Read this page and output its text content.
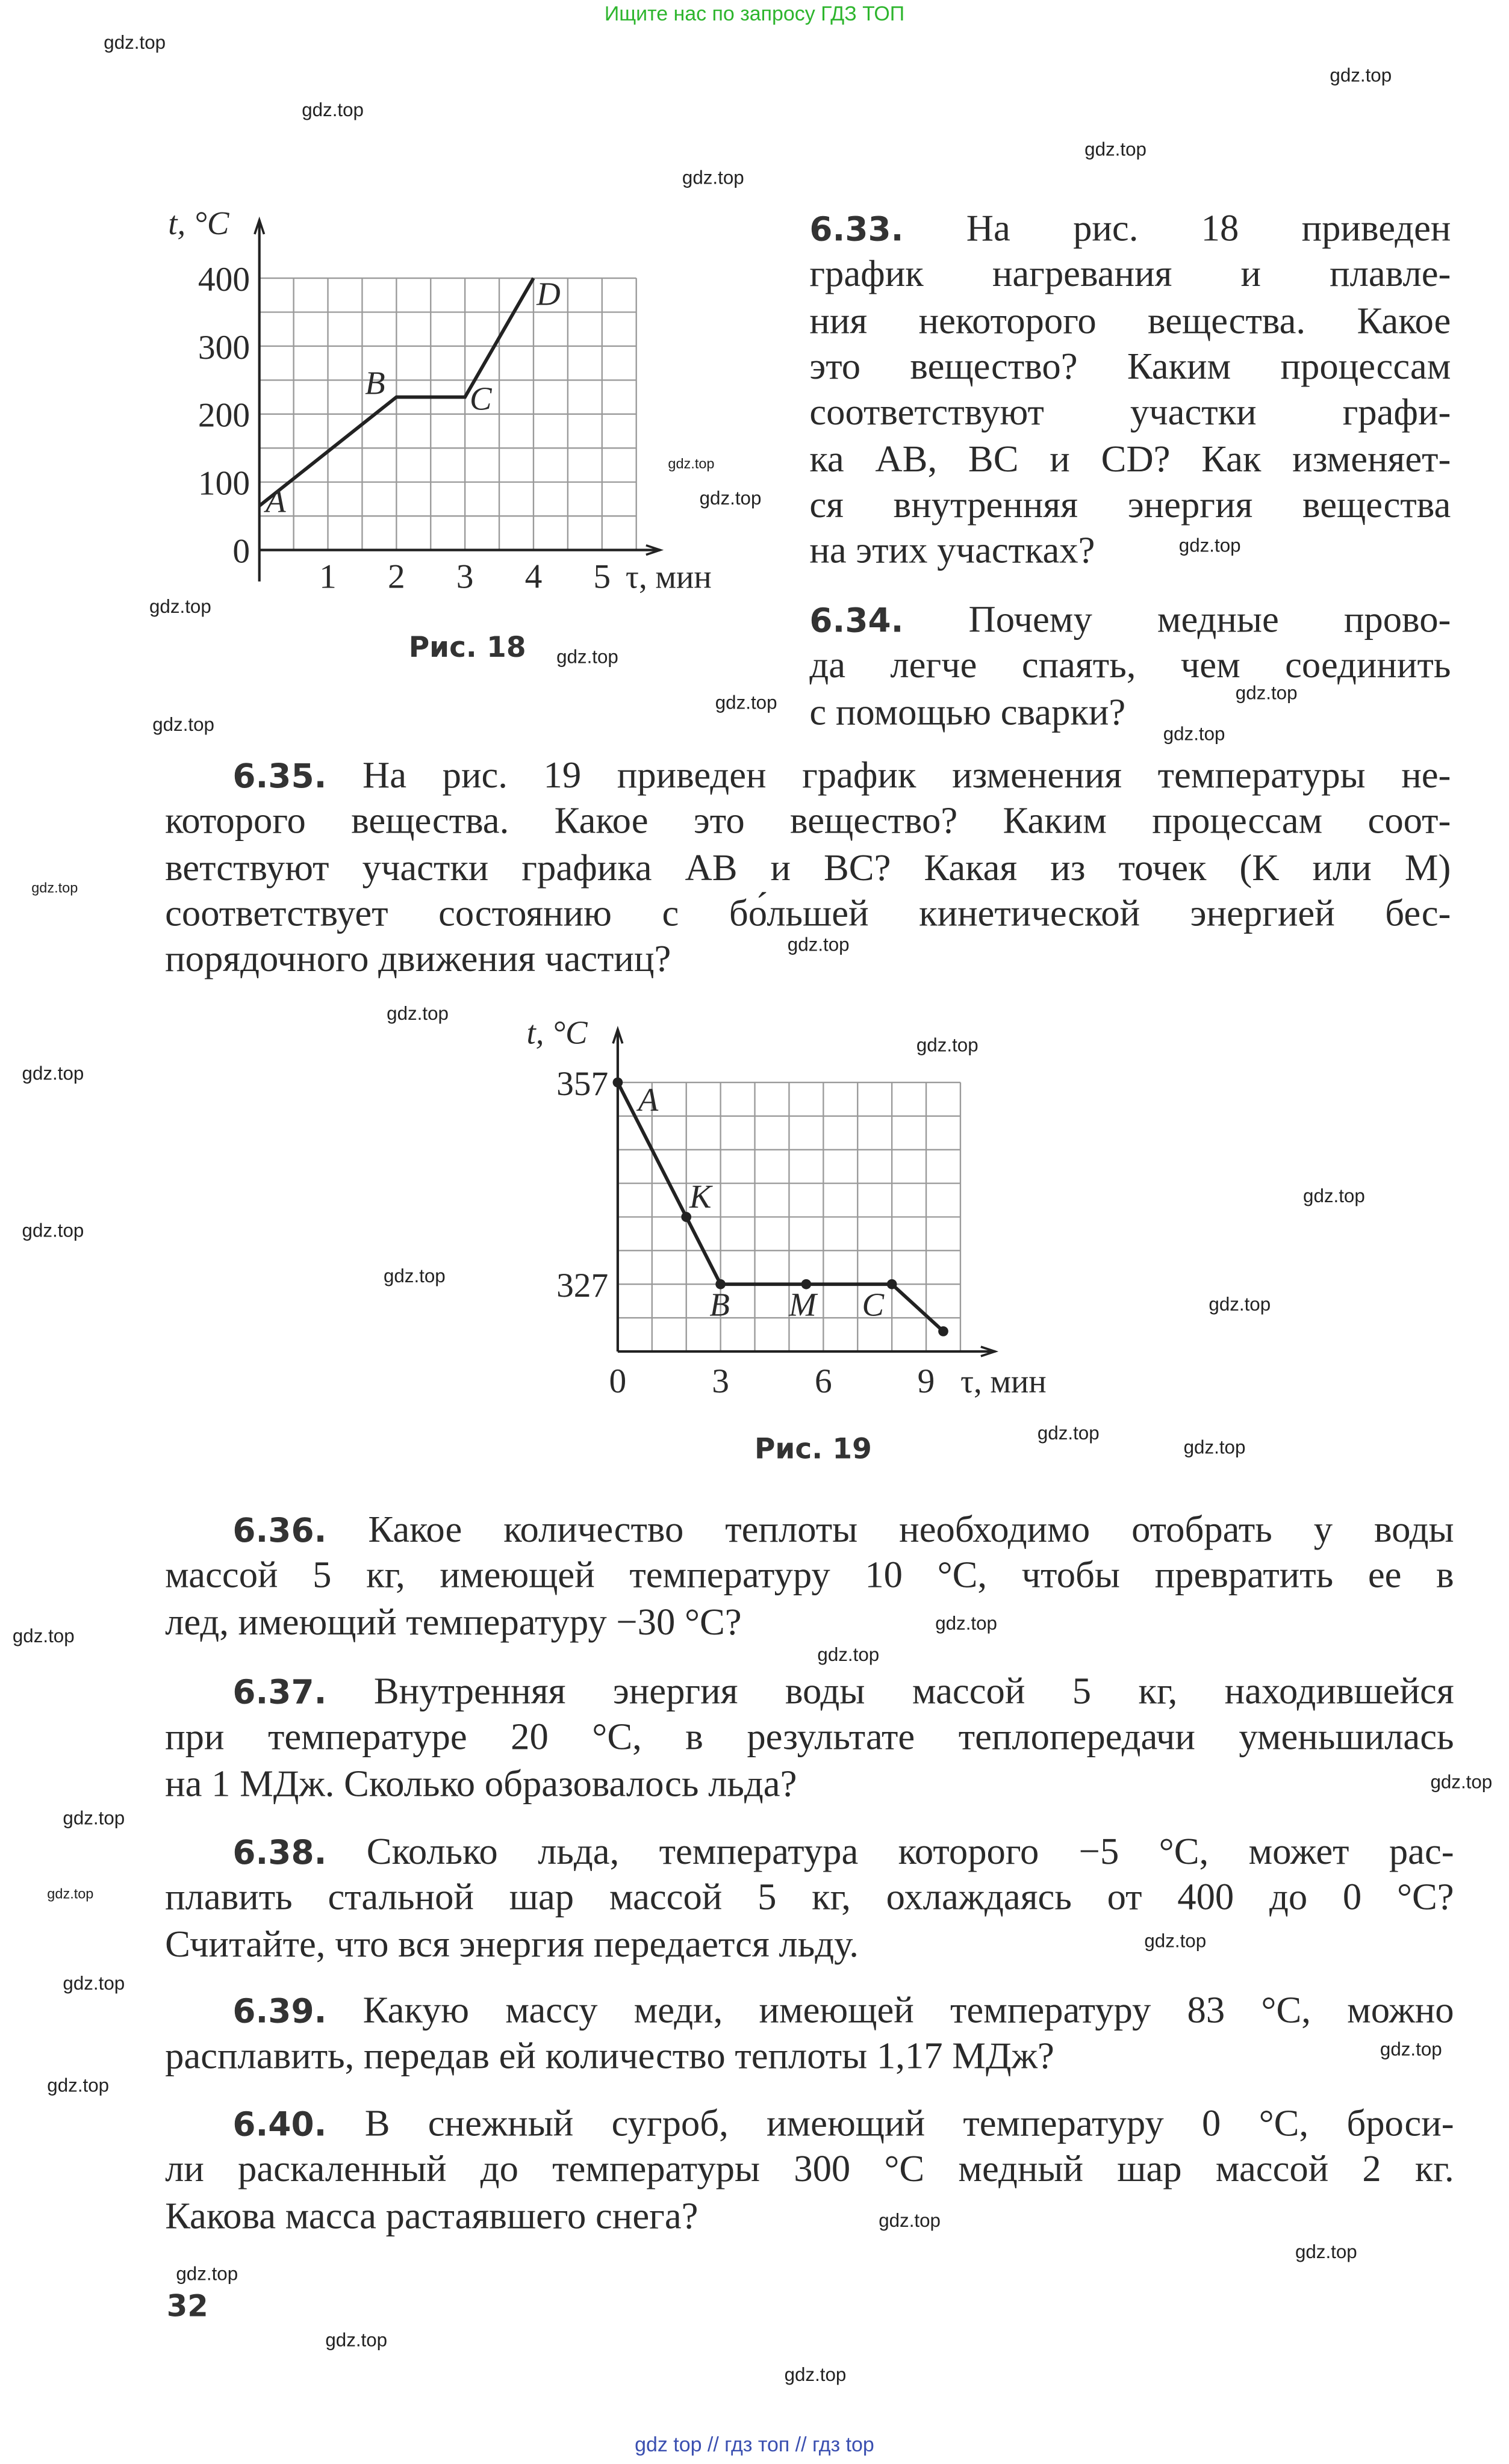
Ищите нас по запросу ГДЗ ТОП
6.33.	На рис. 18 приведен
график нагревания и плавле-
ния некоторого вещества. Какое
это вещество? Каким процессам
соответствуют участки графи-
ка AB, BC и CD? Как изменяет-
ся внутренняя энергия вещества
на этих участках?
6.34.	Почему медные прово-
да легче спаять, чем соединить
с помощью сварки?
6.35. На рис. 19 приведен график изменения температуры не-
которого вещества. Какое это вещество? Каким процессам соот-
ветствуют участки графика AB и BC? Какая из точек (K или M)
соответствует состоянию с бо́льшей кинетической энергией бес-
порядочного движения частиц?
6.36.	Какое количество теплоты необходимо отобрать у воды
массой 5 кг, имеющей температуру 10 °С, чтобы превратить ее в
лед, имеющий температуру −30 °С?
6.37.	Внутренняя энергия воды массой 5 кг, находившейся
при температуре 20 °С, в результате теплопередачи уменьшилась
на 1 МДж. Сколько образовалось льда?
6.38.	Сколько льда, температура которого −5 °С, может рас-
плавить стальной шар массой 5 кг, охлаждаясь от 400 до 0 °С?
Считайте, что вся энергия передается льду.
6.39.	Какую массу меди, имеющей температуру 83 °С, можно
расплавить, передав ей количество теплоты 1,17 МДж?
6.40.	В снежный сугроб, имеющий температуру 0 °С, броси-
ли раскаленный до температуры 300 °С медный шар массой 2 кг.
Какова масса растаявшего снега?
1	2	3	4	5
0
100
200
300
400
t, °C
τ, мин
A
B	C
D
0	3	6	9
357
327
t, °C
τ, мин
A
K
B	M	C
Рис. 18
Рис. 19
32
gdz.top
gdz.top
gdz.top
gdz.top
gdz.top
gdz.top
gdz.top
gdz.top
gdz.top
gdz.top
gdz.top
gdz.top
gdz.top	gdz.top
gdz.top
gdz.top
gdz.top
gdz.top
gdz.top
gdz.top
gdz.top
gdz.top
gdz.top
gdz.top
gdz.top
gdz.top
gdz.top
gdz.top
gdz.top
gdz.top
gdz.top
gdz.top
gdz.top
gdz.top
gdz.top
gdz.top
gdz.top
gdz.top
gdz.top
gdz.top
gdz top // гдз топ // гдз top
